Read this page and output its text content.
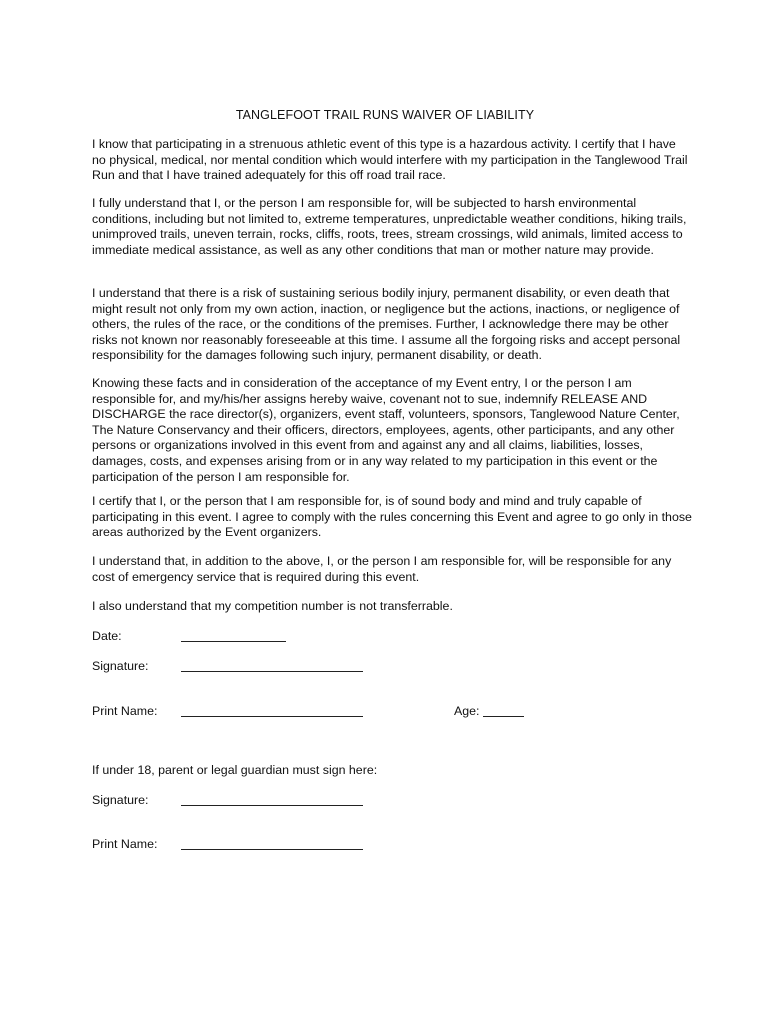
TANGLEFOOT TRAIL RUNS WAIVER OF LIABILITY

I know that participating in a strenuous athletic event of this type is a hazardous activity. I certify that I have no physical, medical, nor mental condition which would interfere with my participation in the Tanglewood Trail Run and that I have trained adequately for this off road trail race.

I fully understand that I, or the person I am responsible for, will be subjected to harsh environmental conditions, including but not limited to, extreme temperatures, unpredictable weather conditions, hiking trails, unimproved trails, uneven terrain, rocks, cliffs, roots, trees, stream crossings, wild animals, limited access to immediate medical assistance, as well as any other conditions that man or mother nature may provide.

I understand that there is a risk of sustaining serious bodily injury, permanent disability, or even death that might result not only from my own action, inaction, or negligence but the actions, inactions, or negligence of others, the rules of the race, or the conditions of the premises. Further, I acknowledge there may be other risks not known nor reasonably foreseeable at this time. I assume all the forgoing risks and accept personal responsibility for the damages following such injury, permanent disability, or death.

Knowing these facts and in consideration of the acceptance of my Event entry, I or the person I am responsible for, and my/his/her assigns hereby waive, covenant not to sue, indemnify RELEASE AND DISCHARGE the race director(s), organizers, event staff, volunteers, sponsors, Tanglewood Nature Center, The Nature Conservancy and their officers, directors, employees, agents, other participants, and any other persons or organizations involved in this event from and against any and all claims, liabilities, losses, damages, costs, and expenses arising from or in any way related to my participation in this event or the participation of the person I am responsible for.

I certify that I, or the person that I am responsible for, is of sound body and mind and truly capable of participating in this event. I agree to comply with the rules concerning this Event and agree to go only in those areas authorized by the Event organizers.

I understand that, in addition to the above, I, or the person I am responsible for, will be responsible for any cost of emergency service that is required during this event.

I also understand that my competition number is not transferrable.

Date:
Signature:
Print Name:	Age:
If under 18, parent or legal guardian must sign here:
Signature:
Print Name:
